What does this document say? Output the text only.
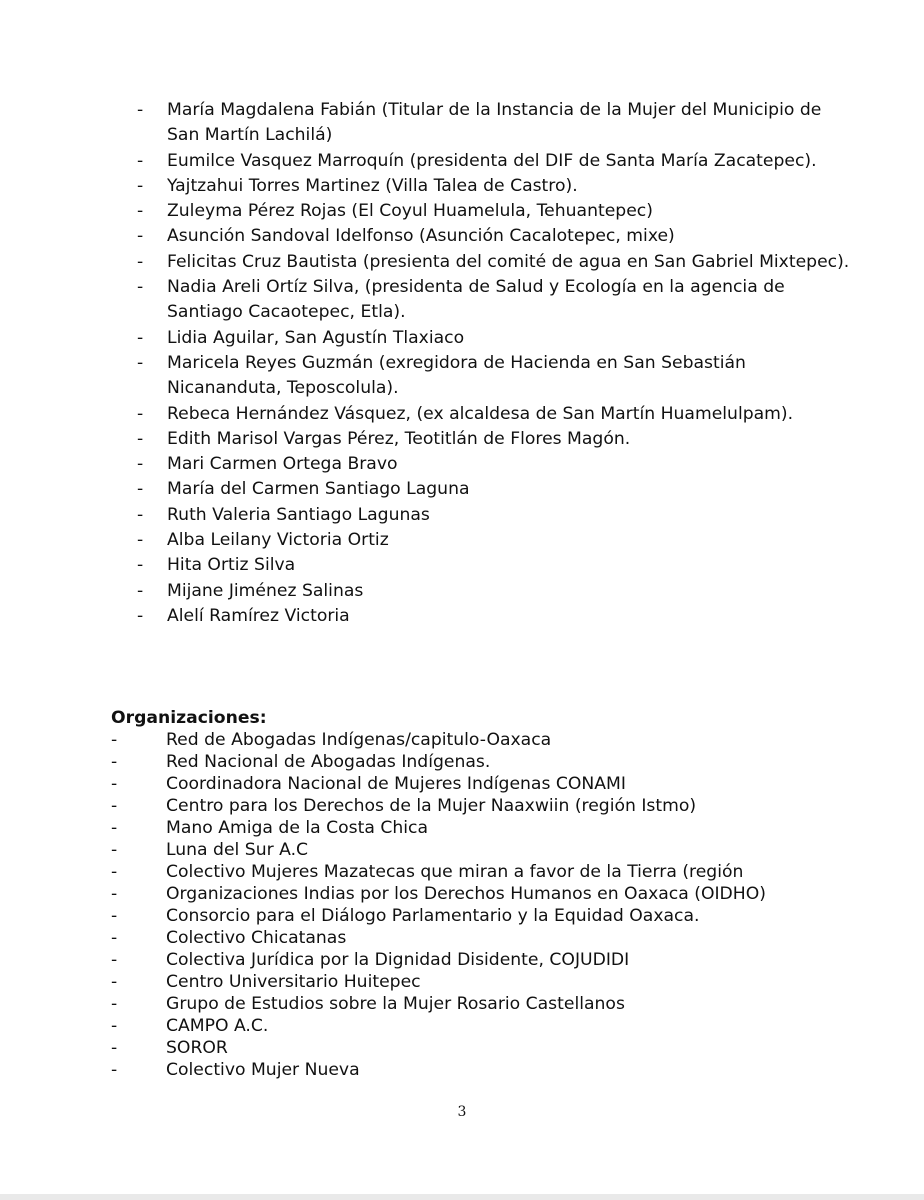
- María Magdalena Fabián (Titular de la Instancia de la Mujer del Municipio de San Martín Lachilá)
- Eumilce Vasquez Marroquín (presidenta del DIF de Santa María Zacatepec).
- Yajtzahui Torres Martinez (Villa Talea de Castro).
- Zuleyma Pérez Rojas (El Coyul Huamelula, Tehuantepec)
- Asunción Sandoval Idelfonso (Asunción Cacalotepec, mixe)
- Felicitas Cruz Bautista (presienta del comité de agua en San Gabriel Mixtepec).
- Nadia Areli Ortíz Silva, (presidenta de Salud y Ecología en la agencia de Santiago Cacaotepec, Etla).
- Lidia Aguilar, San Agustín Tlaxiaco
- Maricela Reyes Guzmán (exregidora de Hacienda en San Sebastián Nicananduta, Teposcolula).
- Rebeca Hernández Vásquez, (ex alcaldesa de San Martín Huamelulpam).
- Edith Marisol Vargas Pérez, Teotitlán de Flores Magón.
- Mari Carmen Ortega Bravo
- María del Carmen Santiago Laguna
- Ruth Valeria Santiago Lagunas
- Alba Leilany Victoria Ortiz
- Hita Ortiz Silva
- Mijane Jiménez Salinas
- Alelí Ramírez Victoria

Organizaciones:

-	Red de Abogadas Indígenas/capitulo-Oaxaca
-	Red Nacional de Abogadas Indígenas.
-	Coordinadora Nacional de Mujeres Indígenas CONAMI
-	Centro para los Derechos de la Mujer Naaxwiin (región Istmo)
-	Mano Amiga de la Costa Chica
-	Luna del Sur A.C
-	Colectivo Mujeres Mazatecas que miran a favor de la Tierra (región
-	Organizaciones Indias por los Derechos Humanos en Oaxaca (OIDHO)
-	Consorcio para el Diálogo Parlamentario y la Equidad Oaxaca.
-	Colectivo Chicatanas
-	Colectiva Jurídica por la Dignidad Disidente, COJUDIDI
-	Centro Universitario Huitepec
-	Grupo de Estudios sobre la Mujer Rosario Castellanos
-	CAMPO A.C.
-	SOROR
-	Colectivo Mujer Nueva
3
